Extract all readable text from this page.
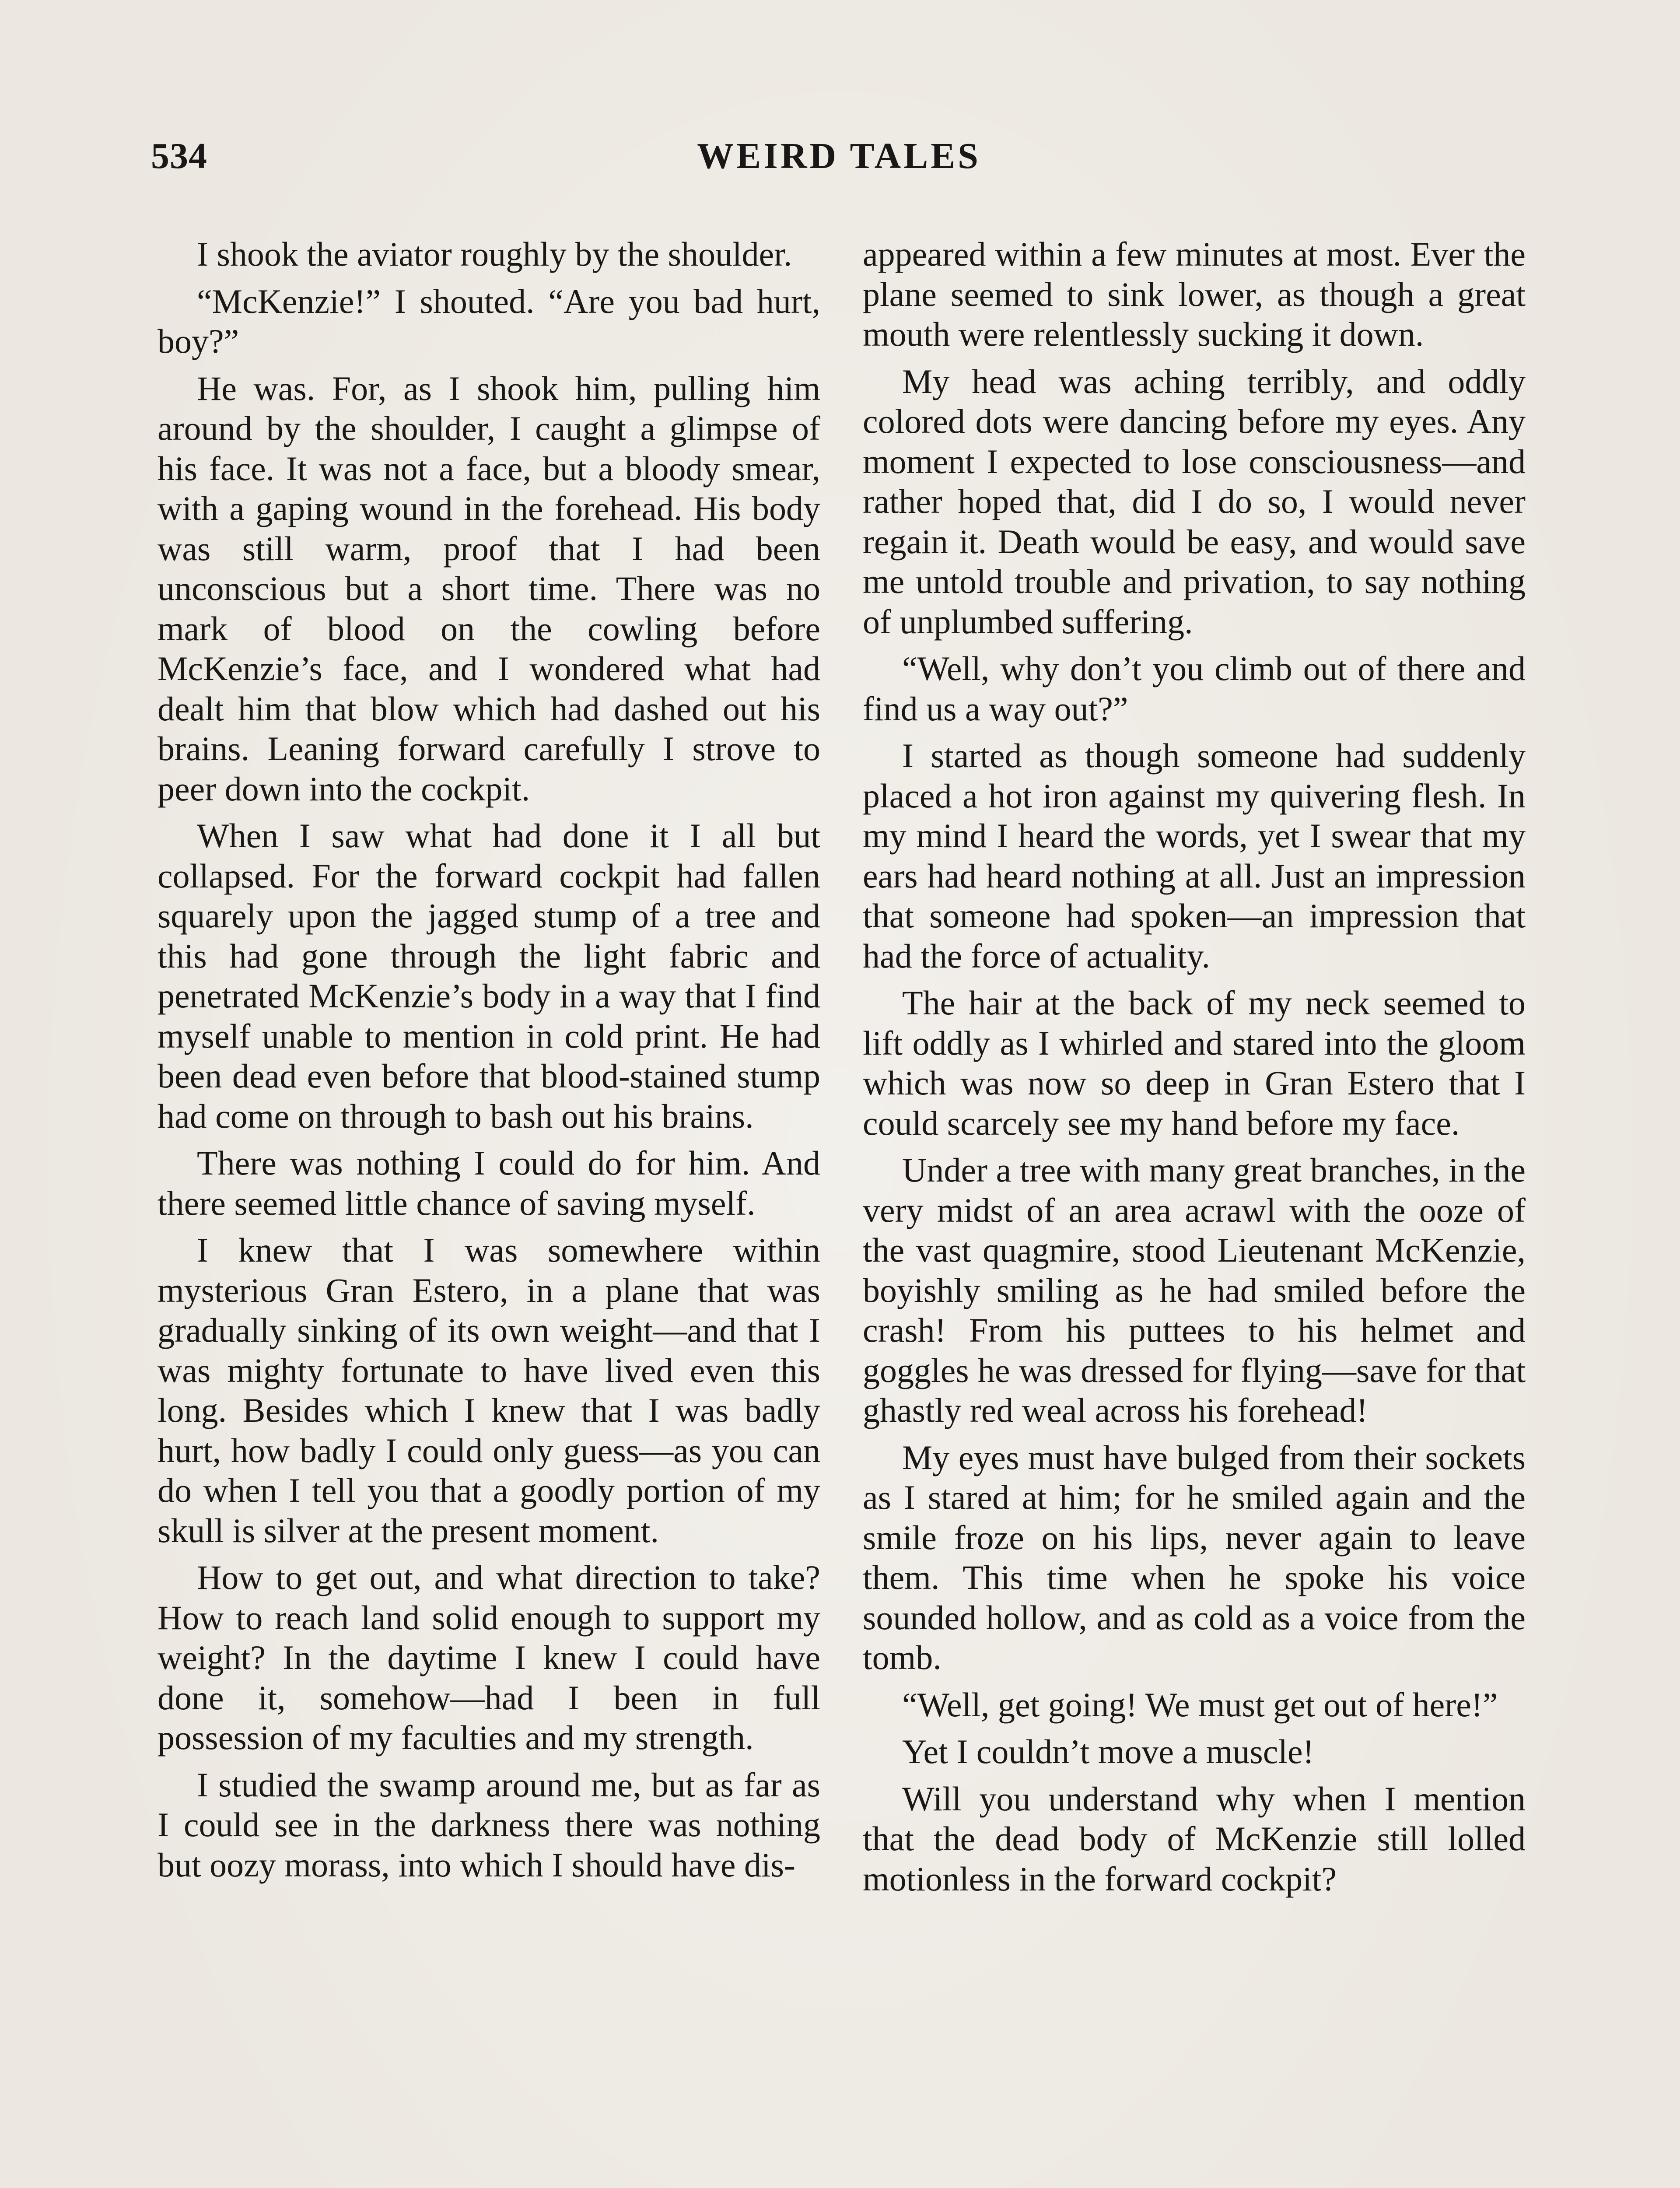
534	WEIRD TALES

I shook the aviator roughly by the shoulder.

“McKenzie!” I shouted. “Are you bad hurt, boy?”

He was. For, as I shook him, pulling him around by the shoulder, I caught a glimpse of his face. It was not a face, but a bloody smear, with a gaping wound in the forehead. His body was still warm, proof that I had been unconscious but a short time. There was no mark of blood on the cowling before McKenzie’s face, and I wondered what had dealt him that blow which had dashed out his brains. Leaning forward carefully I strove to peer down into the cockpit.

When I saw what had done it I all but collapsed. For the forward cockpit had fallen squarely upon the jagged stump of a tree and this had gone through the light fabric and penetrated McKenzie’s body in a way that I find myself unable to mention in cold print. He had been dead even before that blood-stained stump had come on through to bash out his brains.

There was nothing I could do for him. And there seemed little chance of saving myself.

I knew that I was somewhere within mysterious Gran Estero, in a plane that was gradually sinking of its own weight—and that I was mighty fortunate to have lived even this long. Besides which I knew that I was badly hurt, how badly I could only guess—as you can do when I tell you that a goodly portion of my skull is silver at the present moment.

How to get out, and what direction to take? How to reach land solid enough to support my weight? In the daytime I knew I could have done it, somehow—had I been in full possession of my faculties and my strength.

I studied the swamp around me, but as far as I could see in the darkness there was nothing but oozy morass, into which I should have dis-

appeared within a few minutes at most. Ever the plane seemed to sink lower, as though a great mouth were relentlessly sucking it down.

My head was aching terribly, and oddly colored dots were dancing before my eyes. Any moment I expected to lose consciousness—and rather hoped that, did I do so, I would never regain it. Death would be easy, and would save me untold trouble and privation, to say nothing of unplumbed suffering.

“Well, why don’t you climb out of there and find us a way out?”

I started as though someone had suddenly placed a hot iron against my quivering flesh. In my mind I heard the words, yet I swear that my ears had heard nothing at all. Just an impression that someone had spoken—an impression that had the force of actuality.

The hair at the back of my neck seemed to lift oddly as I whirled and stared into the gloom which was now so deep in Gran Estero that I could scarcely see my hand before my face.

Under a tree with many great branches, in the very midst of an area acrawl with the ooze of the vast quagmire, stood Lieutenant McKenzie, boyishly smiling as he had smiled before the crash! From his puttees to his helmet and goggles he was dressed for flying—save for that ghastly red weal across his forehead!

My eyes must have bulged from their sockets as I stared at him; for he smiled again and the smile froze on his lips, never again to leave them. This time when he spoke his voice sounded hollow, and as cold as a voice from the tomb.

“Well, get going! We must get out of here!”

Yet I couldn’t move a muscle!

Will you understand why when I mention that the dead body of McKenzie still lolled motionless in the forward cockpit?
